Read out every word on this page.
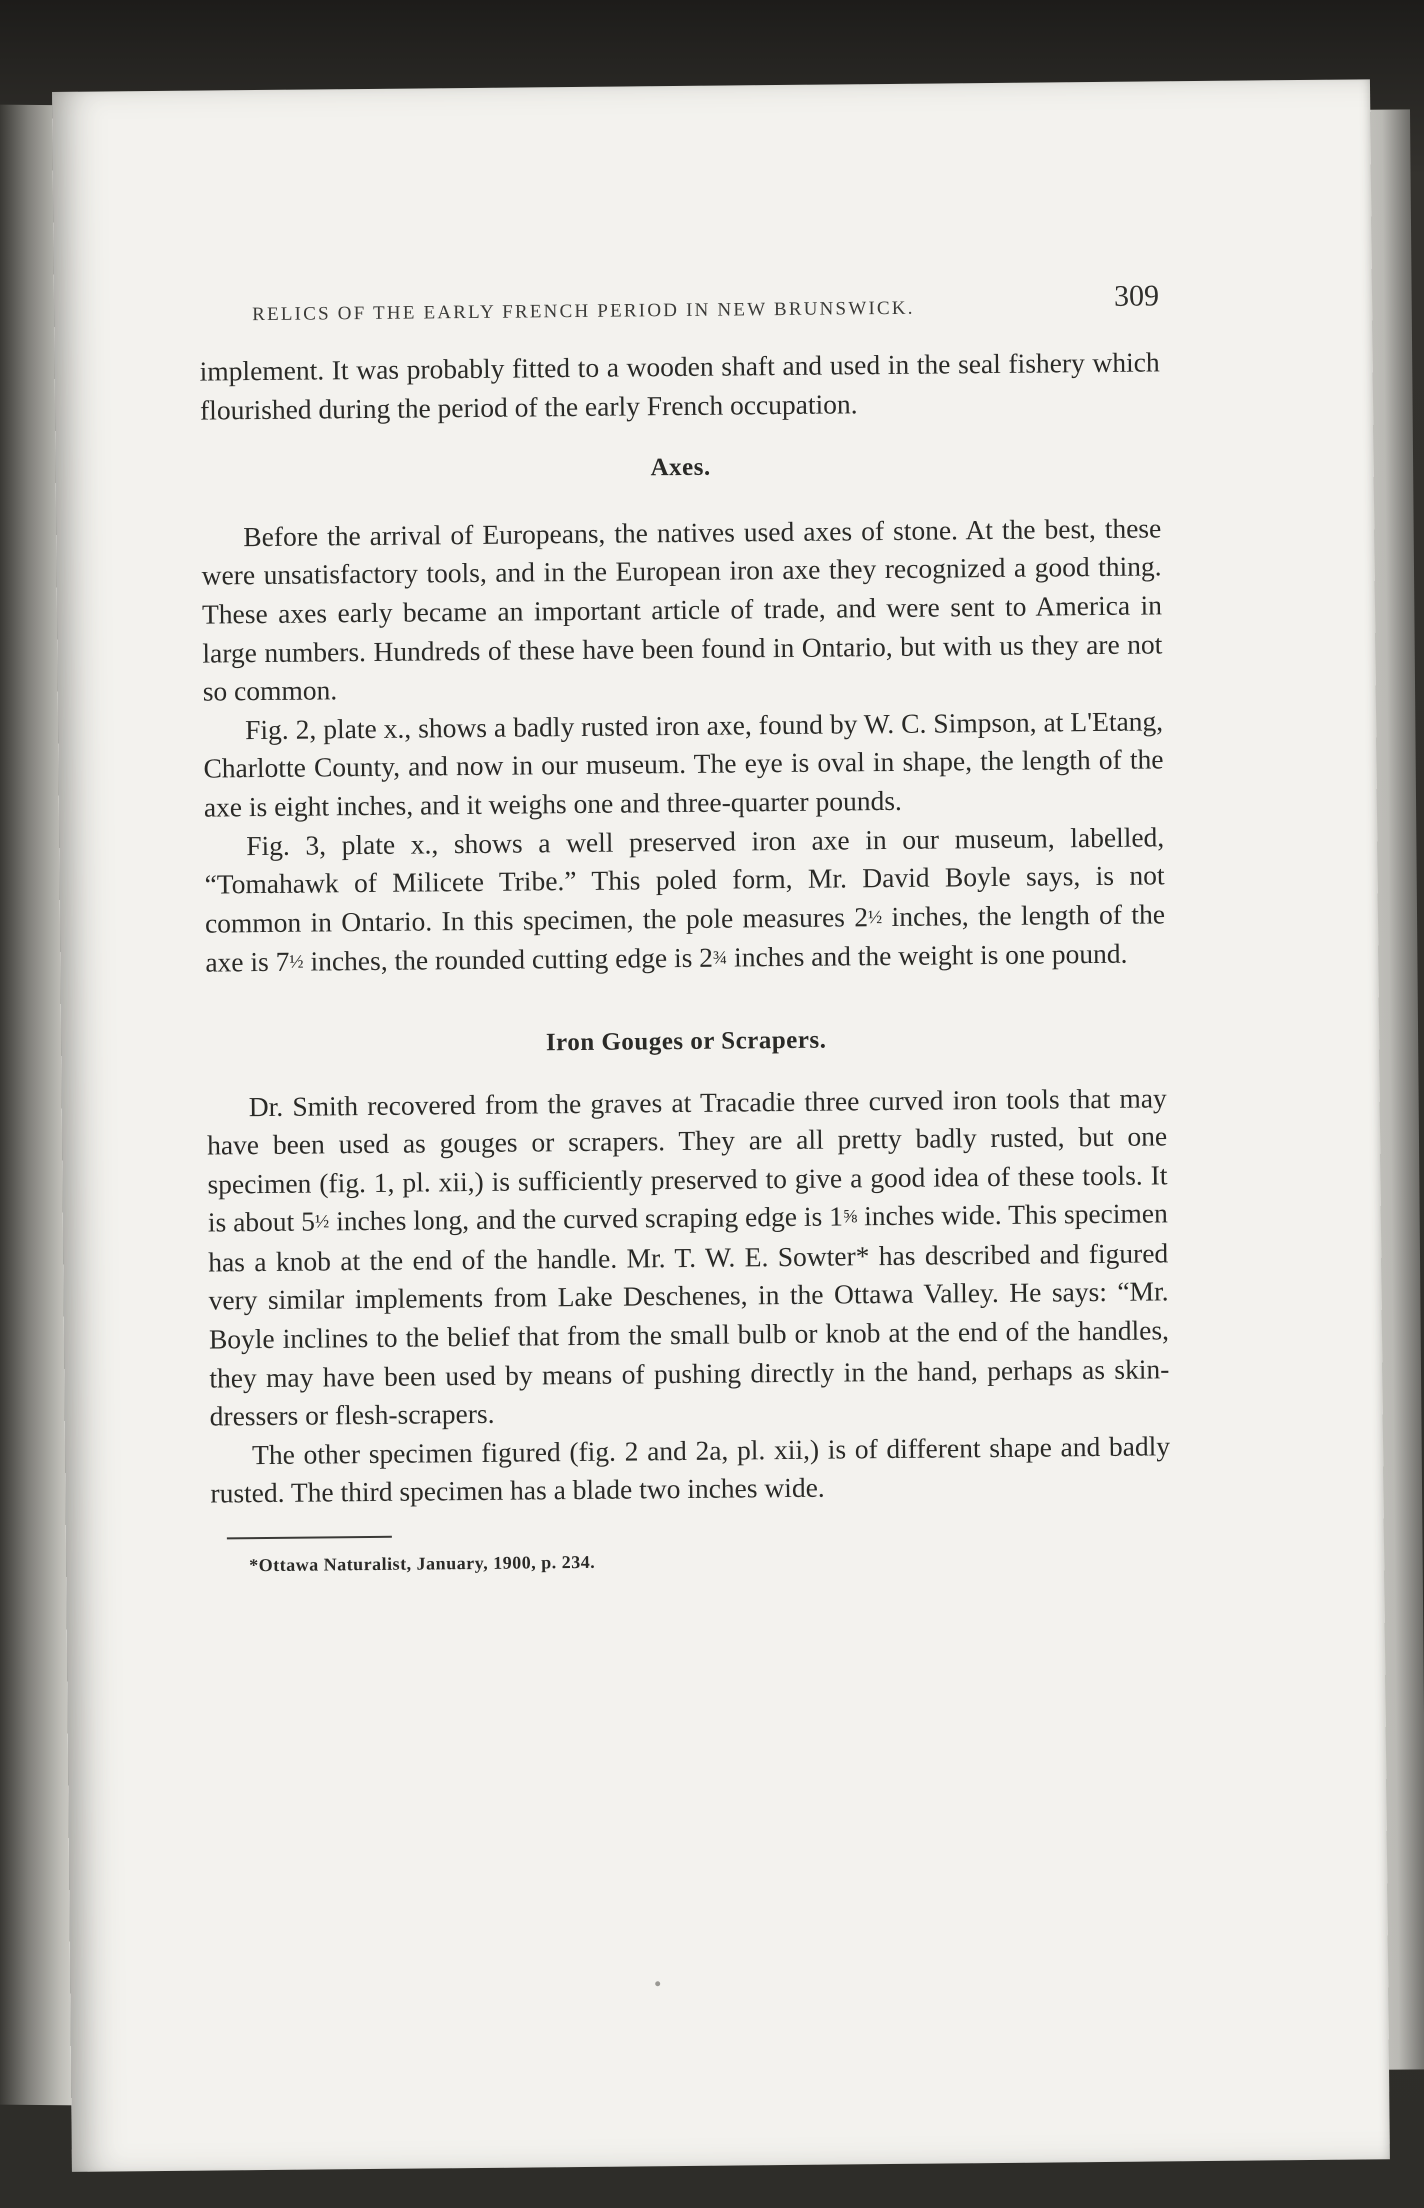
RELICS OF THE EARLY FRENCH PERIOD IN NEW BRUNSWICK.	309

implement. It was probably fitted to a wooden shaft and used in the seal fishery which flourished during the period of the early French occupation.

Axes.

Before the arrival of Europeans, the natives used axes of stone. At the best, these were unsatisfactory tools, and in the European iron axe they recognized a good thing. These axes early became an important article of trade, and were sent to America in large numbers. Hundreds of these have been found in Ontario, but with us they are not so common.

Fig. 2, plate x., shows a badly rusted iron axe, found by W. C. Simpson, at L'Etang, Charlotte County, and now in our museum. The eye is oval in shape, the length of the axe is eight inches, and it weighs one and three-quarter pounds.

Fig. 3, plate x., shows a well preserved iron axe in our museum, labelled, “Tomahawk of Milicete Tribe.” This poled form, Mr. David Boyle says, is not common in Ontario. In this specimen, the pole measures 2½ inches, the length of the axe is 7½ inches, the rounded cutting edge is 2¾ inches and the weight is one pound.

Iron Gouges or Scrapers.

Dr. Smith recovered from the graves at Tracadie three curved iron tools that may have been used as gouges or scrapers. They are all pretty badly rusted, but one specimen (fig. 1, pl. xii,) is sufficiently preserved to give a good idea of these tools. It is about 5½ inches long, and the curved scraping edge is 1⅝ inches wide. This specimen has a knob at the end of the handle. Mr. T. W. E. Sowter* has described and figured very similar implements from Lake Deschenes, in the Ottawa Valley. He says: “Mr. Boyle inclines to the belief that from the small bulb or knob at the end of the handles, they may have been used by means of pushing directly in the hand, perhaps as skin-dressers or flesh-scrapers.

The other specimen figured (fig. 2 and 2a, pl. xii,) is of different shape and badly rusted. The third specimen has a blade two inches wide.

*Ottawa Naturalist, January, 1900, p. 234.
